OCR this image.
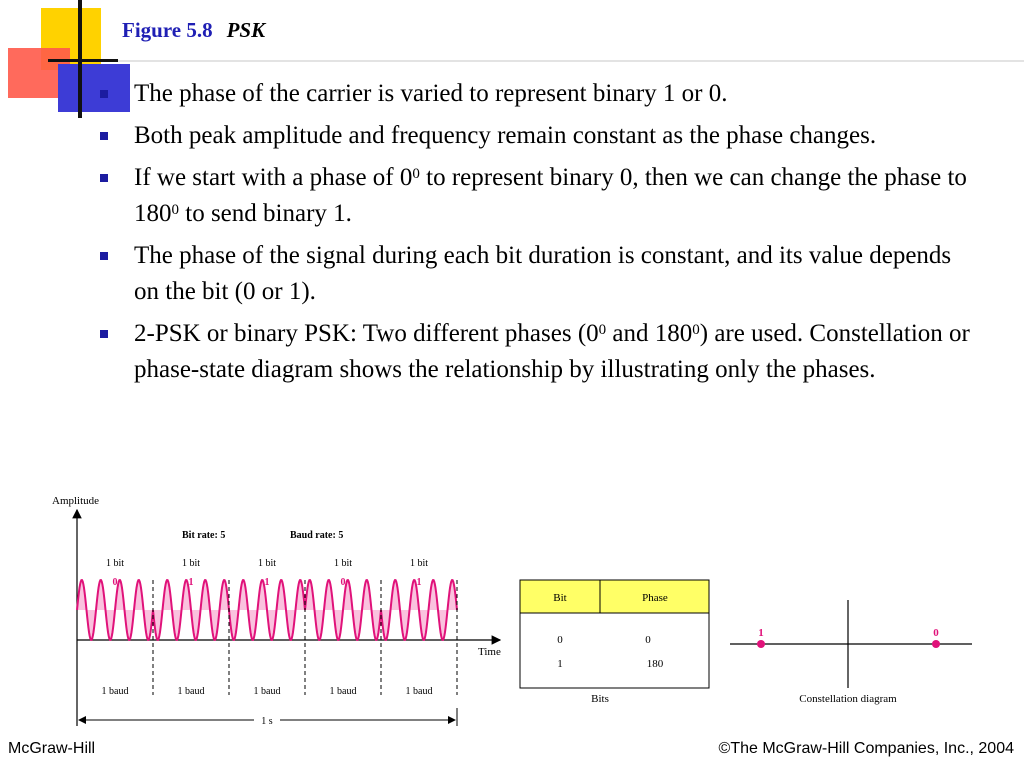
Figure 5.8 PSK
The phase of the carrier is varied to represent binary 1 or 0.
Both peak amplitude and frequency remain constant as the phase changes.
If we start with a phase of $0^0$ to represent binary 0, then we can change the phase to $180^0$ to send binary 1.
The phase of the signal during each bit duration is constant, and its value depends on the bit (0 or 1).
2-PSK or binary PSK: Two different phases ($0^0$ and $180^0$) are used. Constellation or phase-state diagram shows the relationship by illustrating only the phases.
Amplitude
Time
Bit rate: 5	Baud rate: 5
1 bit	1 bit	1 bit	1 bit	1 bit
0	1	1	0	1
1 baud	1 baud	1 baud	1 baud	1 baud
1 s
Bit	Phase
0	0
1	180
Bits
1	0
Constellation diagram
McGraw-Hill	©The McGraw-Hill Companies, Inc., 2004
